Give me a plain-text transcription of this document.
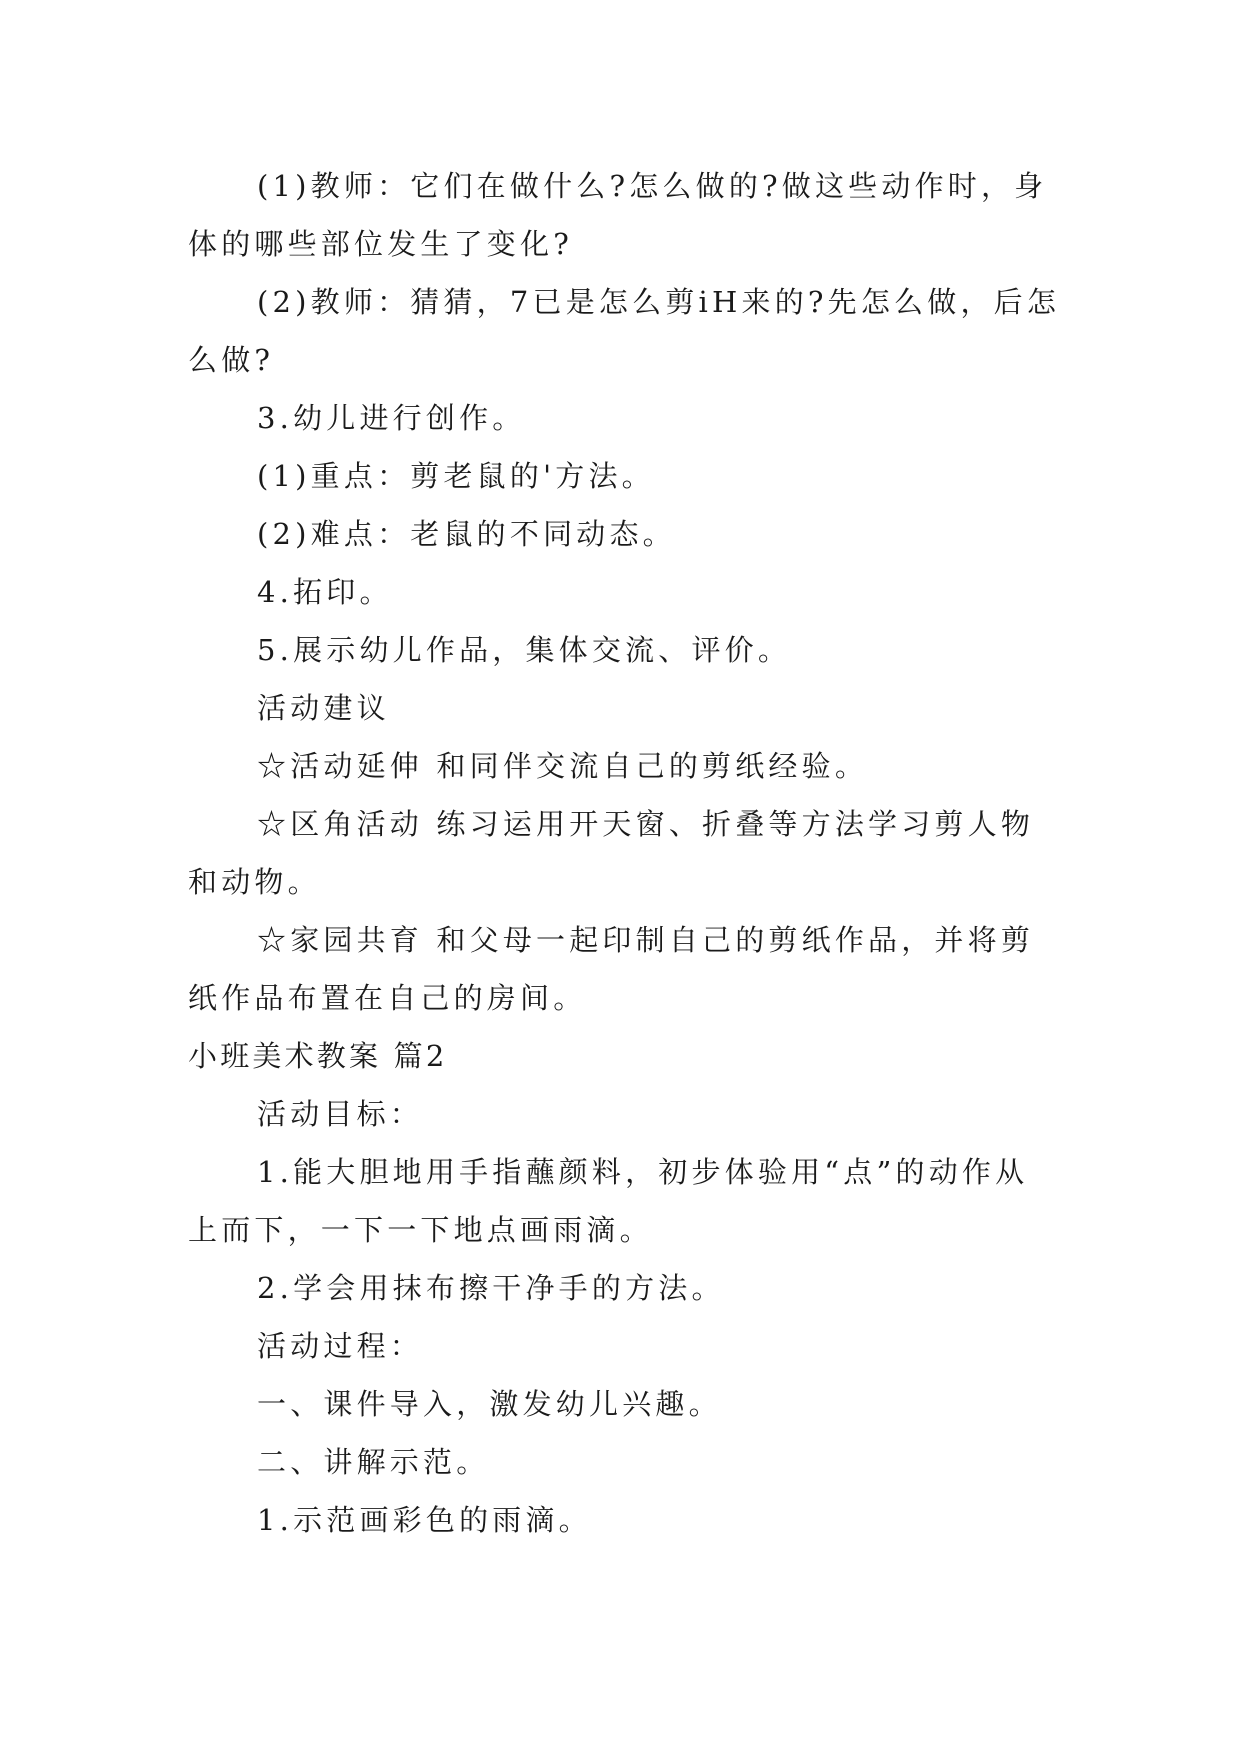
(1)教师：它们在做什么?怎么做的?做这些动作时，身
体的哪些部位发生了变化?
(2)教师：猜猜，7已是怎么剪iH来的?先怎么做，后怎
么做?
3.幼儿进行创作。
(1)重点：剪老鼠的'方法。
(2)难点：老鼠的不同动态。
4.拓印。
5.展示幼儿作品，集体交流、评价。
活动建议
☆活动延伸 和同伴交流自己的剪纸经验。
☆区角活动 练习运用开天窗、折叠等方法学习剪人物
和动物。
☆家园共育 和父母一起印制自己的剪纸作品，并将剪
纸作品布置在自己的房间。
小班美术教案 篇2
活动目标：
1.能大胆地用手指蘸颜料，初步体验用“点”的动作从
上而下，一下一下地点画雨滴。
2.学会用抹布擦干净手的方法。
活动过程：
一、课件导入，激发幼儿兴趣。
二、讲解示范。
1.示范画彩色的雨滴。
